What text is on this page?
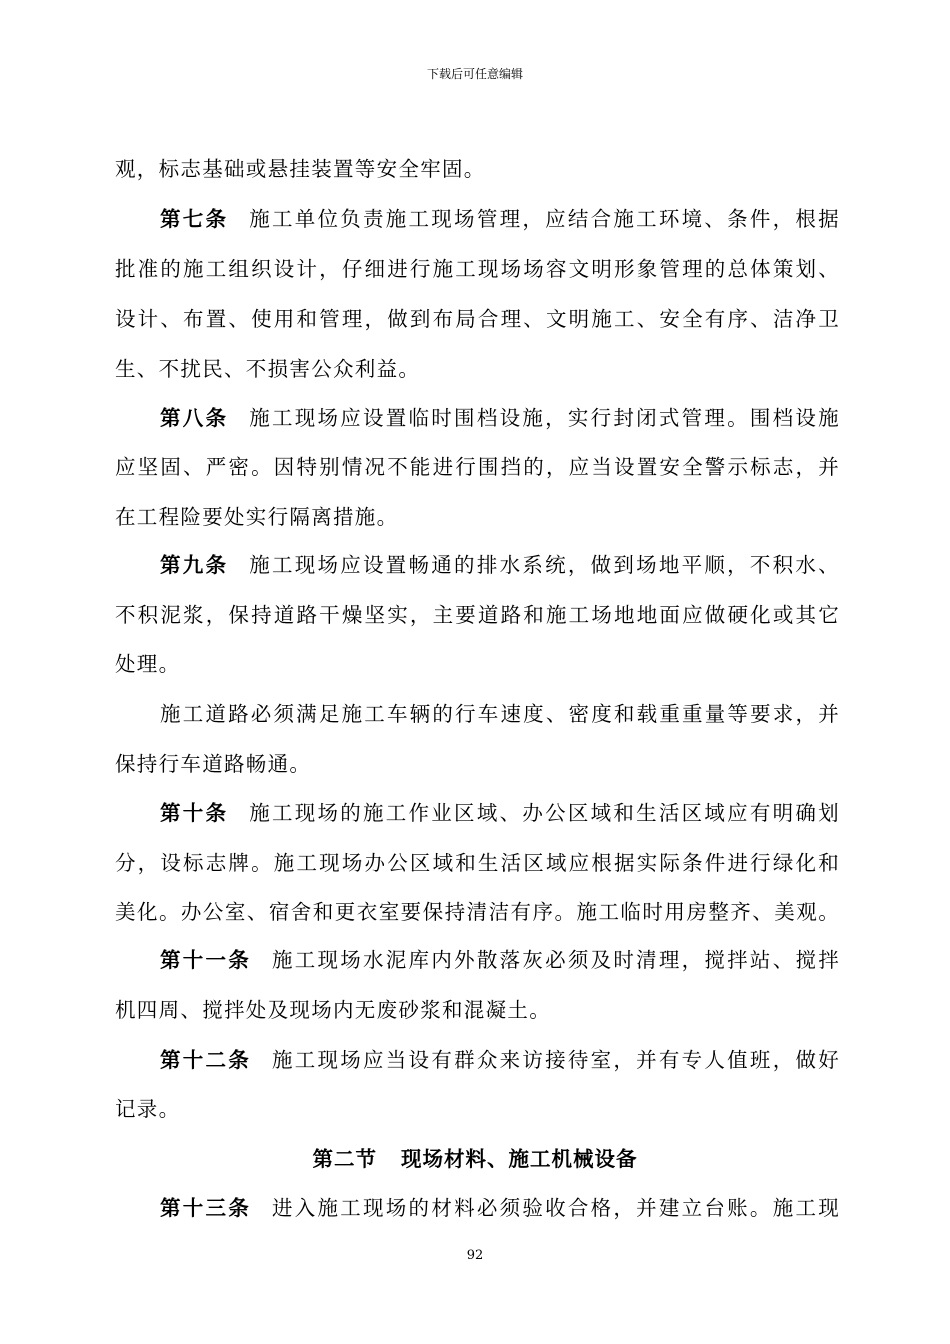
下载后可任意编辑
观，标志基础或悬挂装置等安全牢固。
第七条 施工单位负责施工现场管理，应结合施工环境、条件，根据
批准的施工组织设计，仔细进行施工现场场容文明形象管理的总体策划、
设计、布置、使用和管理，做到布局合理、文明施工、安全有序、洁净卫
生、不扰民、不损害公众利益。
第八条 施工现场应设置临时围档设施，实行封闭式管理。围档设施
应坚固、严密。因特别情况不能进行围挡的，应当设置安全警示标志，并
在工程险要处实行隔离措施。
第九条 施工现场应设置畅通的排水系统，做到场地平顺，不积水、
不积泥浆，保持道路干燥坚实，主要道路和施工场地地面应做硬化或其它
处理。
施工道路必须满足施工车辆的行车速度、密度和载重重量等要求，并
保持行车道路畅通。
第十条 施工现场的施工作业区域、办公区域和生活区域应有明确划
分，设标志牌。施工现场办公区域和生活区域应根据实际条件进行绿化和
美化。办公室、宿舍和更衣室要保持清洁有序。施工临时用房整齐、美观。
第十一条 施工现场水泥库内外散落灰必须及时清理，搅拌站、搅拌
机四周、搅拌处及现场内无废砂浆和混凝土。
第十二条 施工现场应当设有群众来访接待室，并有专人值班，做好
记录。
第二节 现场材料、施工机械设备
第十三条 进入施工现场的材料必须验收合格，并建立台账。施工现
92
